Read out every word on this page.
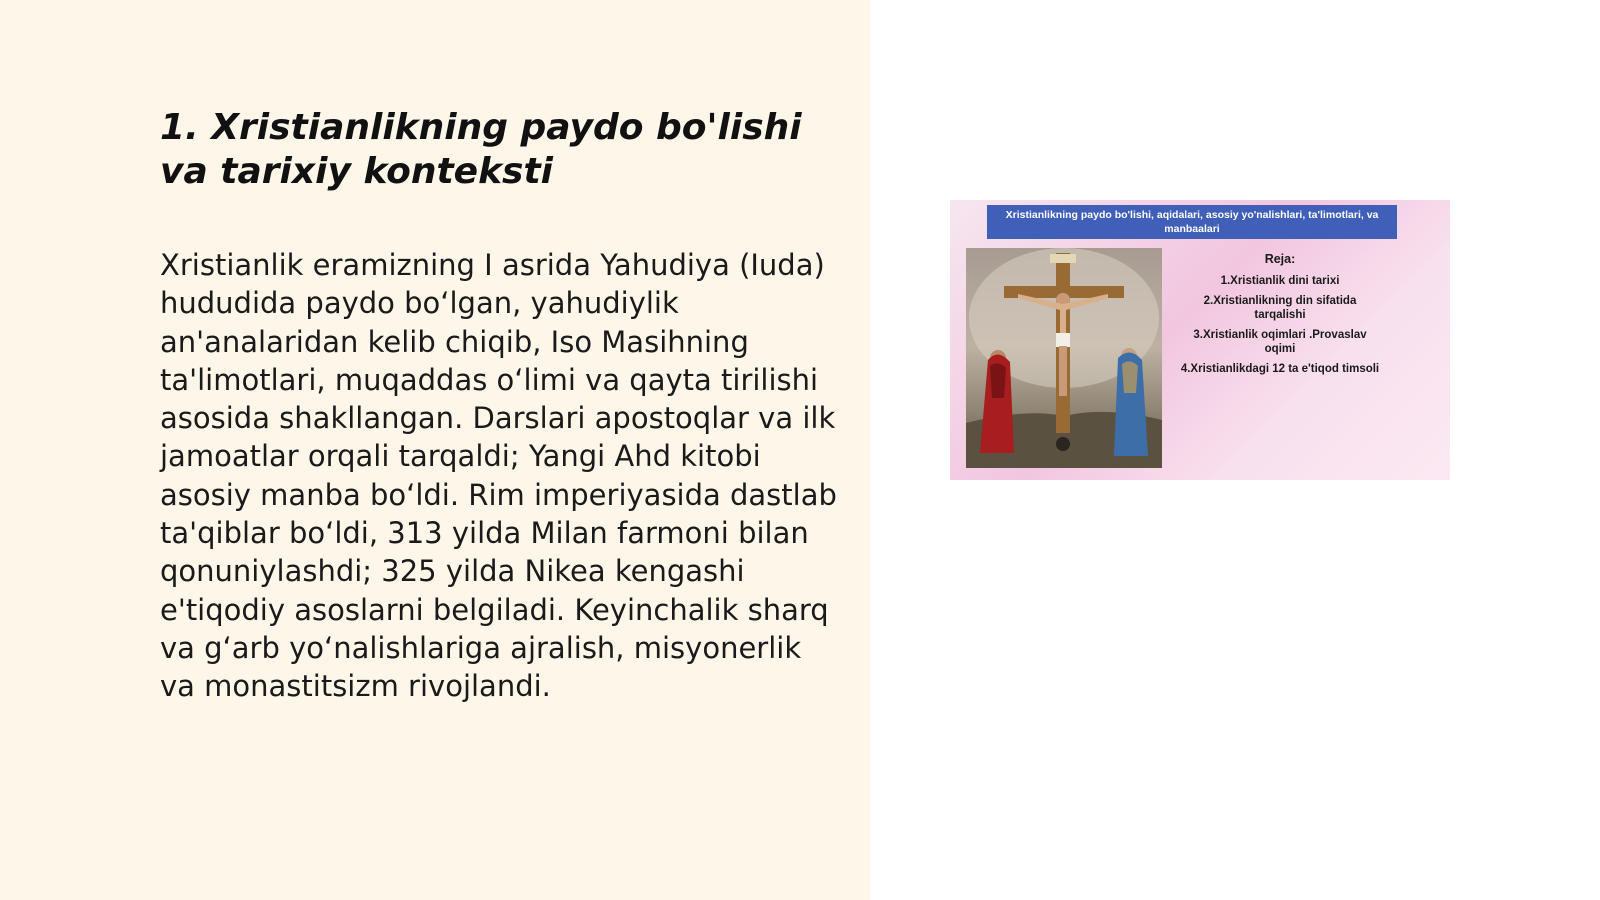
1. Xristianlikning paydo bo'lishi va tarixiy konteksti

Xristianlik eramizning I asrida Yahudiya (Iuda) hududida paydo bo‘lgan, yahudiylik an'analaridan kelib chiqib, Iso Masihning ta'limotlari, muqaddas o‘limi va qayta tirilishi asosida shakllangan. Darslari apostoqlar va ilk jamoatlar orqali tarqaldi; Yangi Ahd kitobi asosiy manba bo‘ldi. Rim imperiyasida dastlab ta'qiblar bo‘ldi, 313 yilda Milan farmoni bilan qonuniylashdi; 325 yilda Nikea kengashi e'tiqodiy asoslarni belgiladi. Keyinchalik sharq va g‘arb yo‘nalishlariga ajralish, misyonerlik va monastitsizm rivojlandi.

Xristianlikning paydo bo'lishi, aqidalari, asosiy yo'nalishlari, ta'limotlari, va manbaalari
Reja:
1.Xristianlik dini tarixi
2.Xristianlikning din sifatida tarqalishi
3.Xristianlik oqimlari .Provaslav oqimi
4.Xristianlikdagi 12 ta e'tiqod timsoli
